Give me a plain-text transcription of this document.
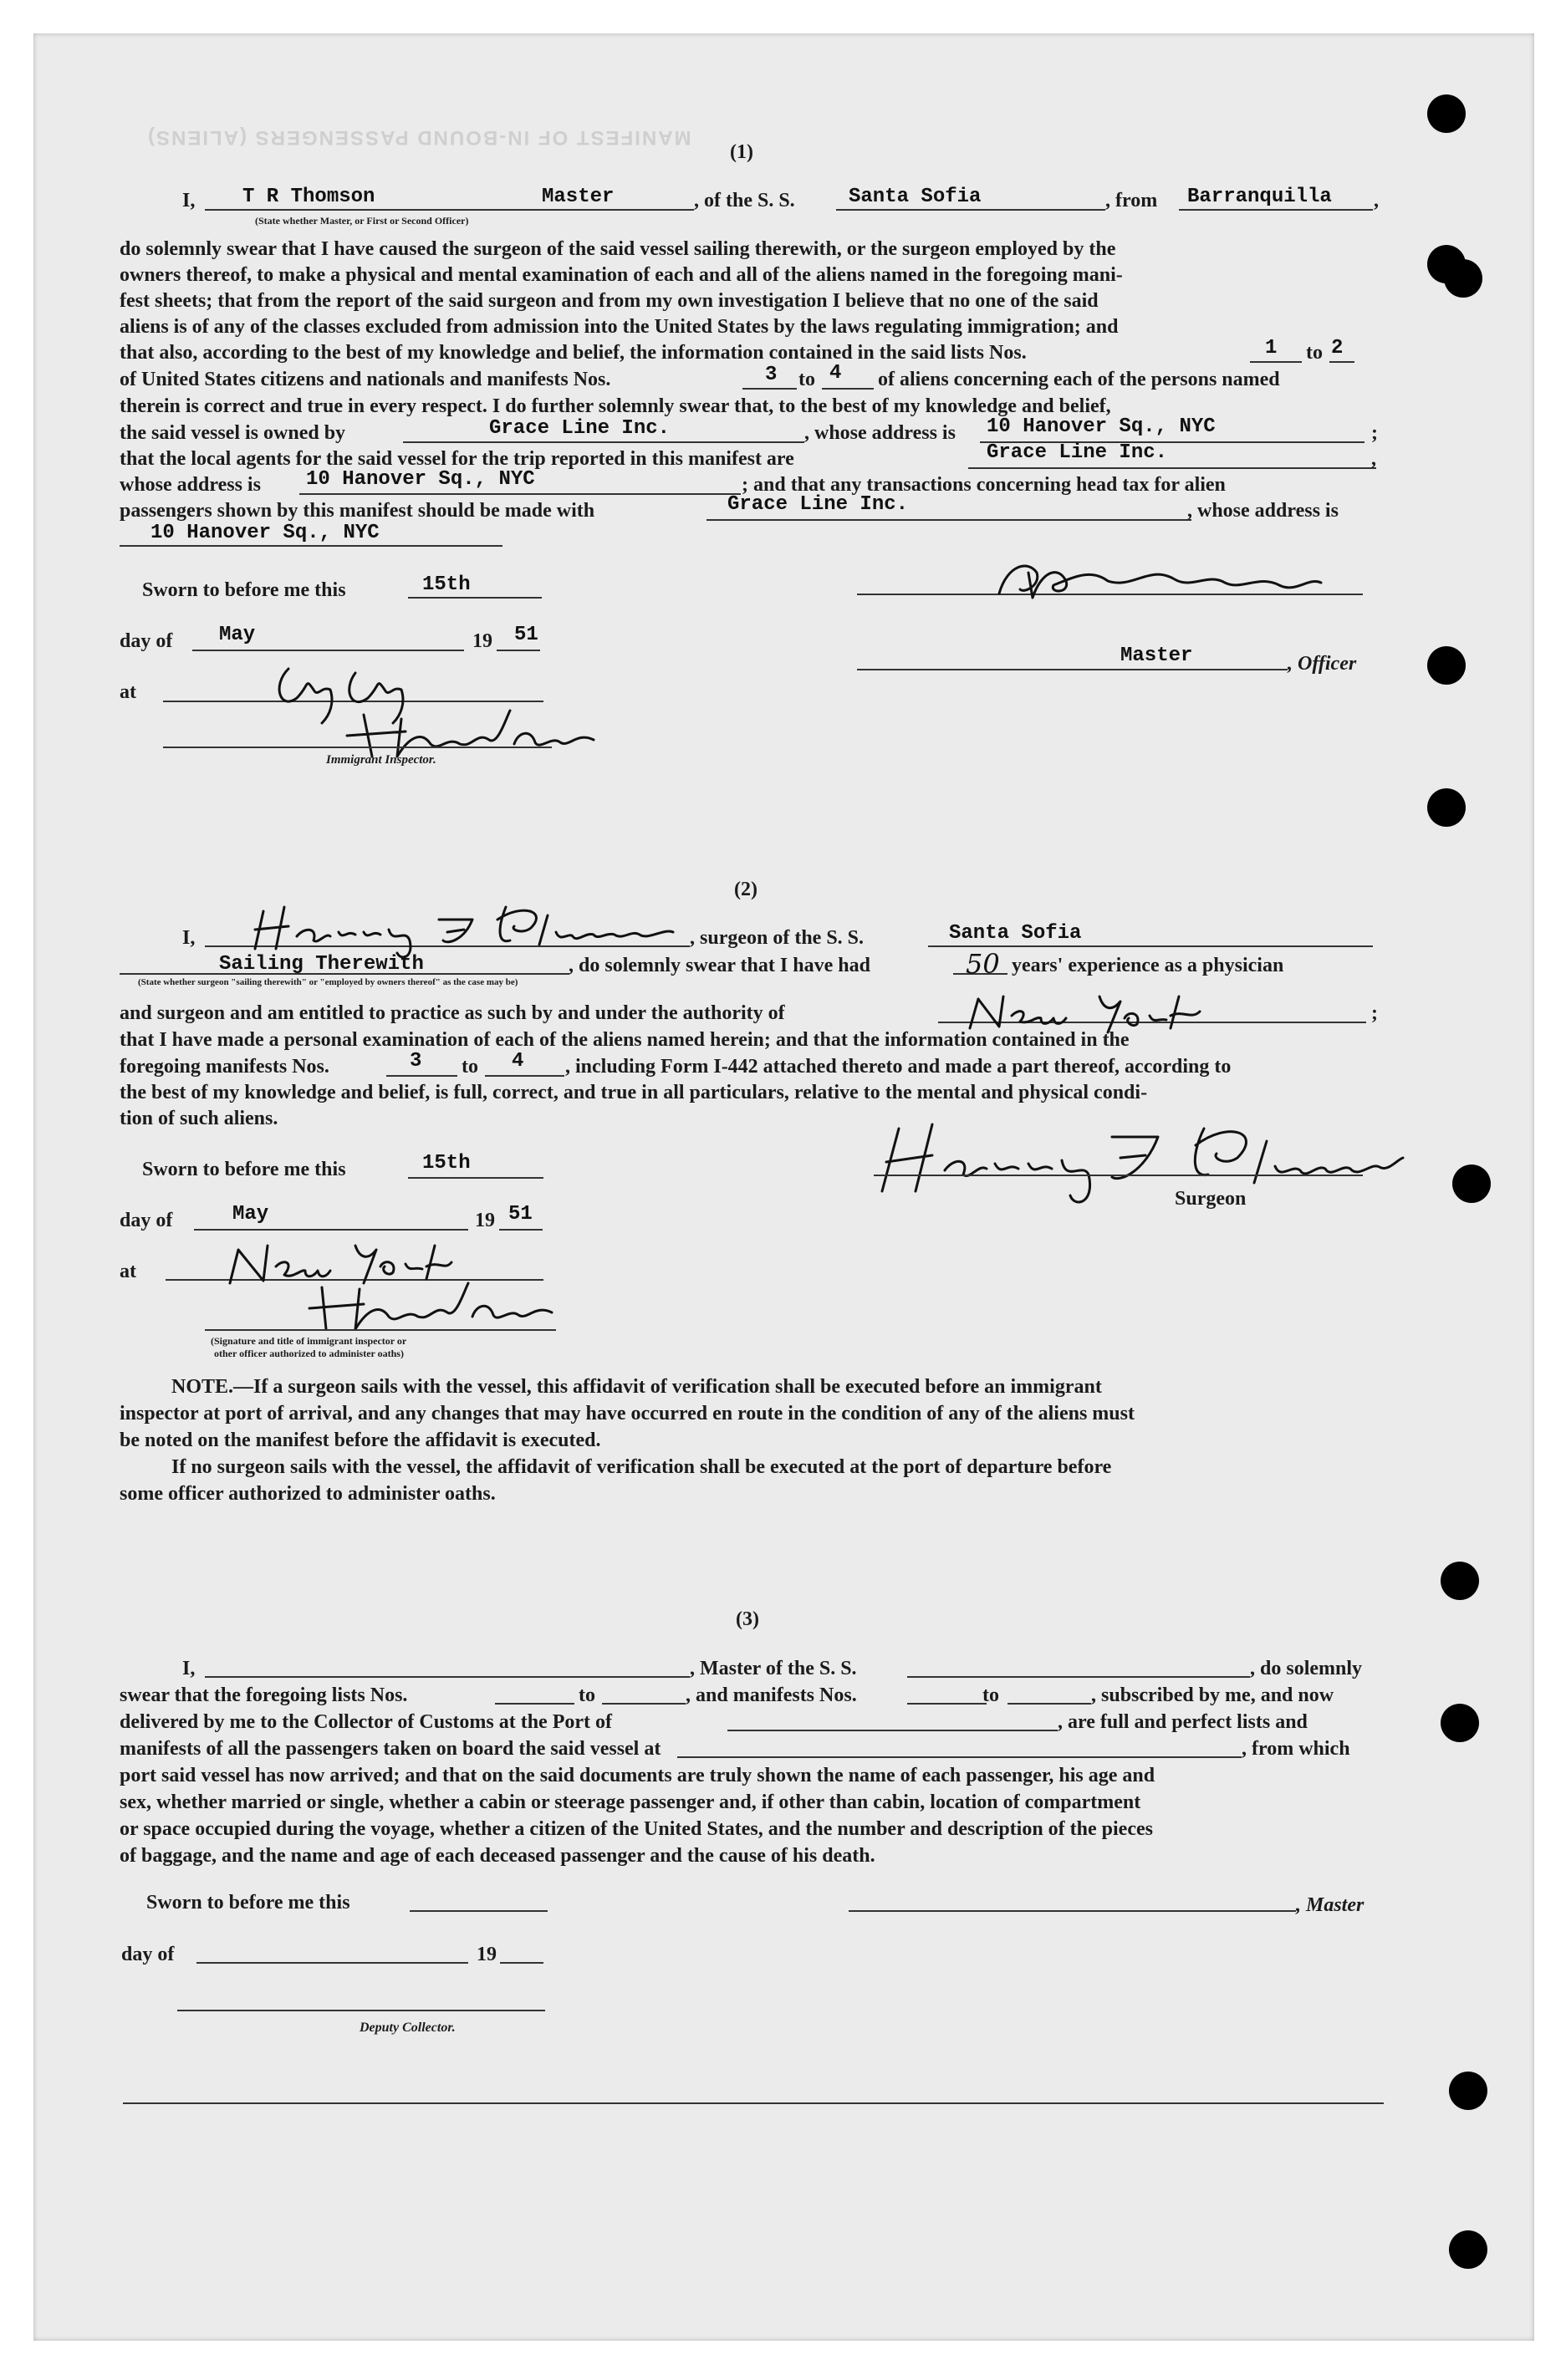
MANIFEST OF IN-BOUND PASSENGERS (ALIENS)
(1)
I, T R Thomson	Master
(State whether Master, or First or Second Officer)
, of the S. S.	Santa Sofia	, from Barranquilla ,
do solemnly swear that I have caused the surgeon of the said vessel sailing therewith, or the surgeon employed by the
owners thereof, to make a physical and mental examination of each and all of the aliens named in the foregoing mani-
fest sheets; that from the report of the said surgeon and from my own investigation I believe that no one of the said
aliens is of any of the classes excluded from admission into the United States by the laws regulating immigration; and
that also, according to the best of my knowledge and belief, the information contained in the said lists Nos.	1 to 2
of United States citizens and nationals and manifests Nos.	3 to 4 of aliens concerning each of the persons named
therein is correct and true in every respect. I do further solemnly swear that, to the best of my knowledge and belief,
the said vessel is owned by	Grace Line Inc.	, whose address is 10 Hanover Sq., NYC	;
that the local agents for the said vessel for the trip reported in this manifest are	Grace Line Inc.	,
whose address is 10 Hanover Sq., NYC	; and that any transactions concerning head tax for alien
passengers shown by this manifest should be made with	Grace Line Inc.	, whose address is
10 Hanover Sq., NYC
Sworn to before me this	15th
day of May	19 51
Master	, Officer
at
Immigrant Inspector.
(2)
I,	, surgeon of the S. S.	Santa Sofia
Sailing Therewith
(State whether surgeon "sailing therewith" or "employed by owners thereof" as the case may be)
, do solemnly swear that I have had	50 years' experience as a physician
and surgeon and am entitled to practice as such by and under the authority of	;
that I have made a personal examination of each of the aliens named herein; and that the information contained in the
foregoing manifests Nos.	3 to 4 , including Form I-442 attached thereto and made a part thereof, according to
the best of my knowledge and belief, is full, correct, and true in all particulars, relative to the mental and physical condi-
tion of such aliens.
Sworn to before me this	15th
Surgeon
day of	May	19 51
at
(Signature and title of immigrant inspector or
other officer authorized to administer oaths)
NOTE.—If a surgeon sails with the vessel, this affidavit of verification shall be executed before an immigrant
inspector at port of arrival, and any changes that may have occurred en route in the condition of any of the aliens must
be noted on the manifest before the affidavit is executed.
If no surgeon sails with the vessel, the affidavit of verification shall be executed at the port of departure before
some officer authorized to administer oaths.
(3)
I,	, Master of the S. S.	, do solemnly
swear that the foregoing lists Nos.	to	, and manifests Nos.	to	, subscribed by me, and now
delivered by me to the Collector of Customs at the Port of	, are full and perfect lists and
manifests of all the passengers taken on board the said vessel at	, from which
port said vessel has now arrived; and that on the said documents are truly shown the name of each passenger, his age and
sex, whether married or single, whether a cabin or steerage passenger and, if other than cabin, location of compartment
or space occupied during the voyage, whether a citizen of the United States, and the number and description of the pieces
of baggage, and the name and age of each deceased passenger and the cause of his death.
Sworn to before me this	, Master
day of	19
Deputy Collector.
